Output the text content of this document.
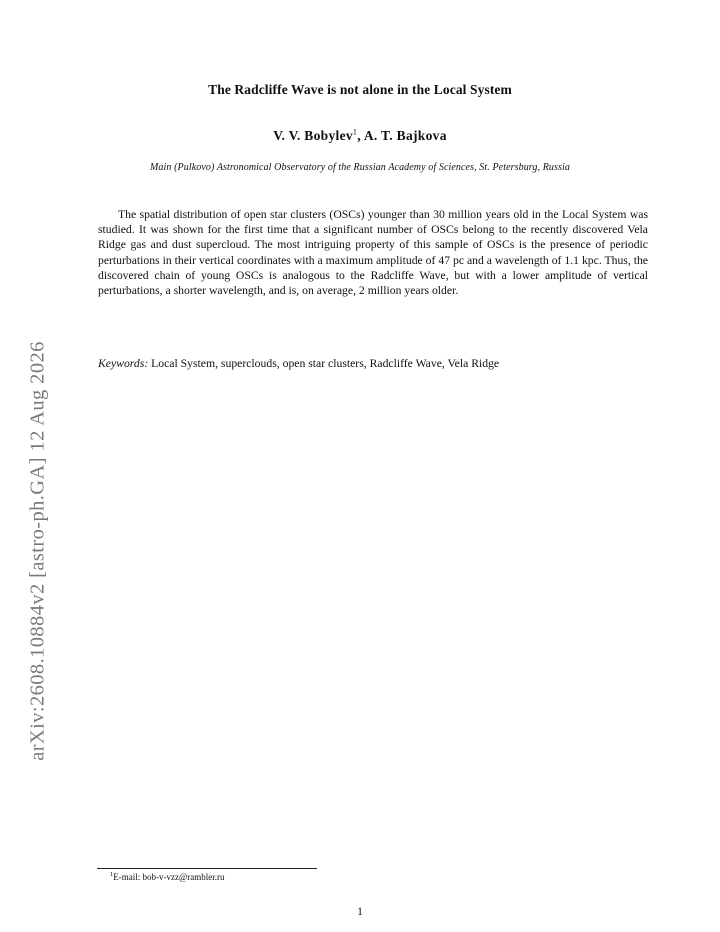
arXiv:2608.10884v2 [astro-ph.GA] 12 Aug 2026
The Radcliffe Wave is not alone in the Local System
V. V. Bobylev$^1$, A. T. Bajkova
Main (Pulkovo) Astronomical Observatory of the Russian Academy of Sciences, St. Petersburg, Russia

The spatial distribution of open star clusters (OSCs) younger than 30 million years old in the Local System was studied. It was shown for the first time that a significant number of OSCs belong to the recently discovered Vela Ridge gas and dust supercloud. The most intriguing property of this sample of OSCs is the presence of periodic perturbations in their vertical coordinates with a maximum amplitude of 47 pc and a wavelength of 1.1 kpc. Thus, the discovered chain of young OSCs is analogous to the Radcliffe Wave, but with a lower amplitude of vertical perturbations, a shorter wavelength, and is, on average, 2 million years older.

Keywords: Local System, superclouds, open star clusters, Radcliffe Wave, Vela Ridge
$^1$E-mail: bob-v-vzz@rambler.ru
1
